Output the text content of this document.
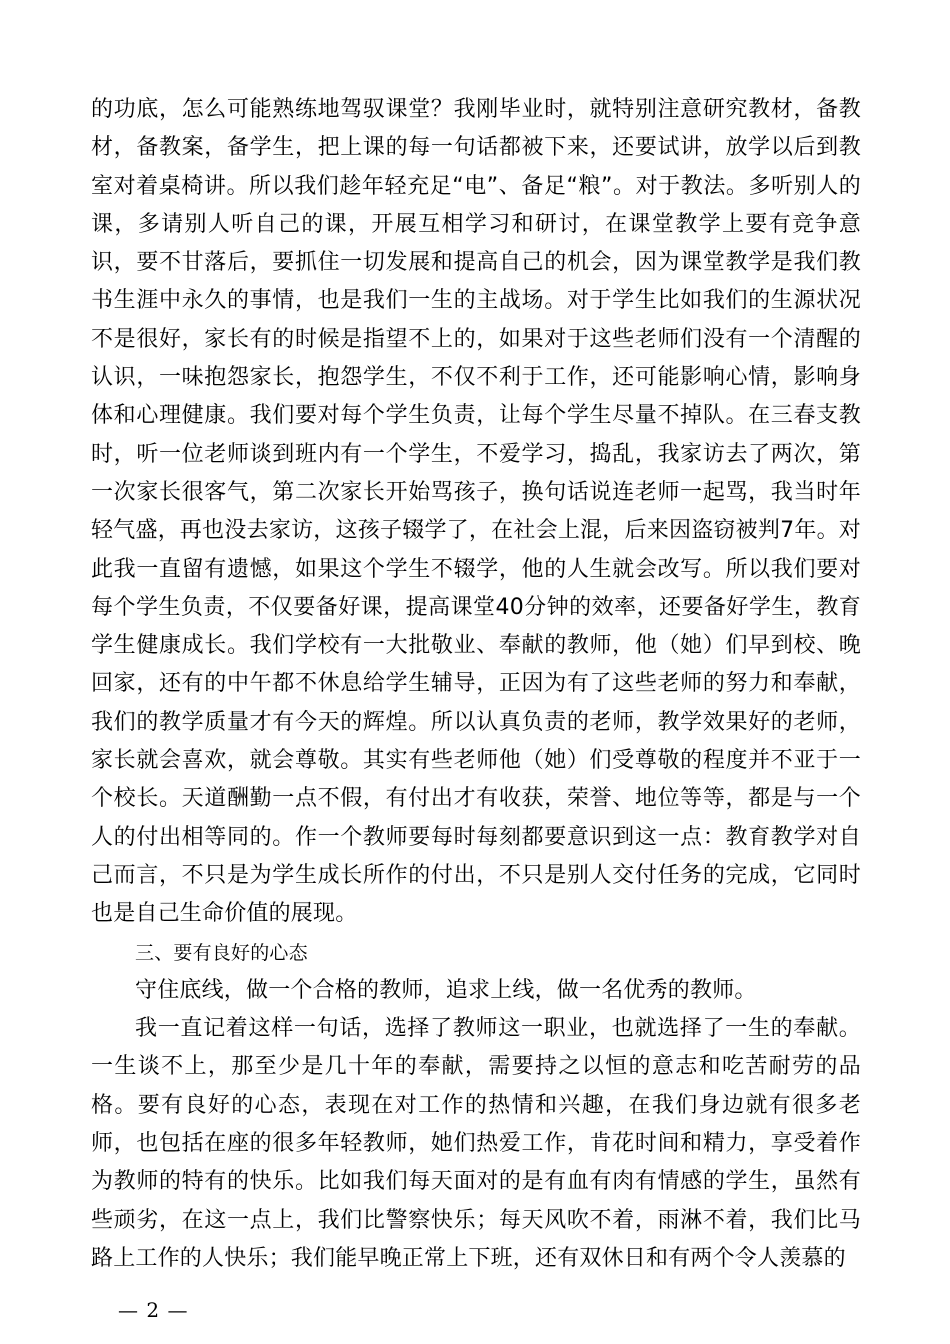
的功底，怎么可能熟练地驾驭课堂？我刚毕业时，就特别注意研究教材，备教材，备教案，备学生，把上课的每一句话都被下来，还要试讲，放学以后到教室对着桌椅讲。所以我们趁年轻充足“电”、备足“粮”。对于教法。多听别人的课，多请别人听自己的课，开展互相学习和研讨，在课堂教学上要有竞争意识，要不甘落后，要抓住一切发展和提高自己的机会，因为课堂教学是我们教书生涯中永久的事情，也是我们一生的主战场。对于学生比如我们的生源状况不是很好，家长有的时候是指望不上的，如果对于这些老师们没有一个清醒的认识，一味抱怨家长，抱怨学生，不仅不利于工作，还可能影响心情，影响身体和心理健康。我们要对每个学生负责，让每个学生尽量不掉队。在三春支教时，听一位老师谈到班内有一个学生，不爱学习，捣乱，我家访去了两次，第一次家长很客气，第二次家长开始骂孩子，换句话说连老师一起骂，我当时年轻气盛，再也没去家访，这孩子辍学了，在社会上混，后来因盗窃被判7年。对此我一直留有遗憾，如果这个学生不辍学，他的人生就会改写。所以我们要对每个学生负责，不仅要备好课，提高课堂40分钟的效率，还要备好学生，教育学生健康成长。我们学校有一大批敬业、奉献的教师，他（她）们早到校、晚回家，还有的中午都不休息给学生辅导，正因为有了这些老师的努力和奉献，我们的教学质量才有今天的辉煌。所以认真负责的老师，教学效果好的老师，家长就会喜欢，就会尊敬。其实有些老师他（她）们受尊敬的程度并不亚于一个校长。天道酬勤一点不假，有付出才有收获，荣誉、地位等等，都是与一个人的付出相等同的。作一个教师要每时每刻都要意识到这一点：教育教学对自己而言，不只是为学生成长所作的付出，不只是别人交付任务的完成，它同时也是自己生命价值的展现。

三、要有良好的心态

守住底线，做一个合格的教师，追求上线，做一名优秀的教师。

我一直记着这样一句话，选择了教师这一职业，也就选择了一生的奉献。一生谈不上，那至少是几十年的奉献，需要持之以恒的意志和吃苦耐劳的品格。要有良好的心态，表现在对工作的热情和兴趣，在我们身边就有很多老师，也包括在座的很多年轻教师，她们热爱工作，肯花时间和精力，享受着作为教师的特有的快乐。比如我们每天面对的是有血有肉有情感的学生，虽然有些顽劣，在这一点上，我们比警察快乐；每天风吹不着，雨淋不着，我们比马路上工作的人快乐；我们能早晚正常上下班，还有双休日和有两个令人羡慕的

— 2 —
